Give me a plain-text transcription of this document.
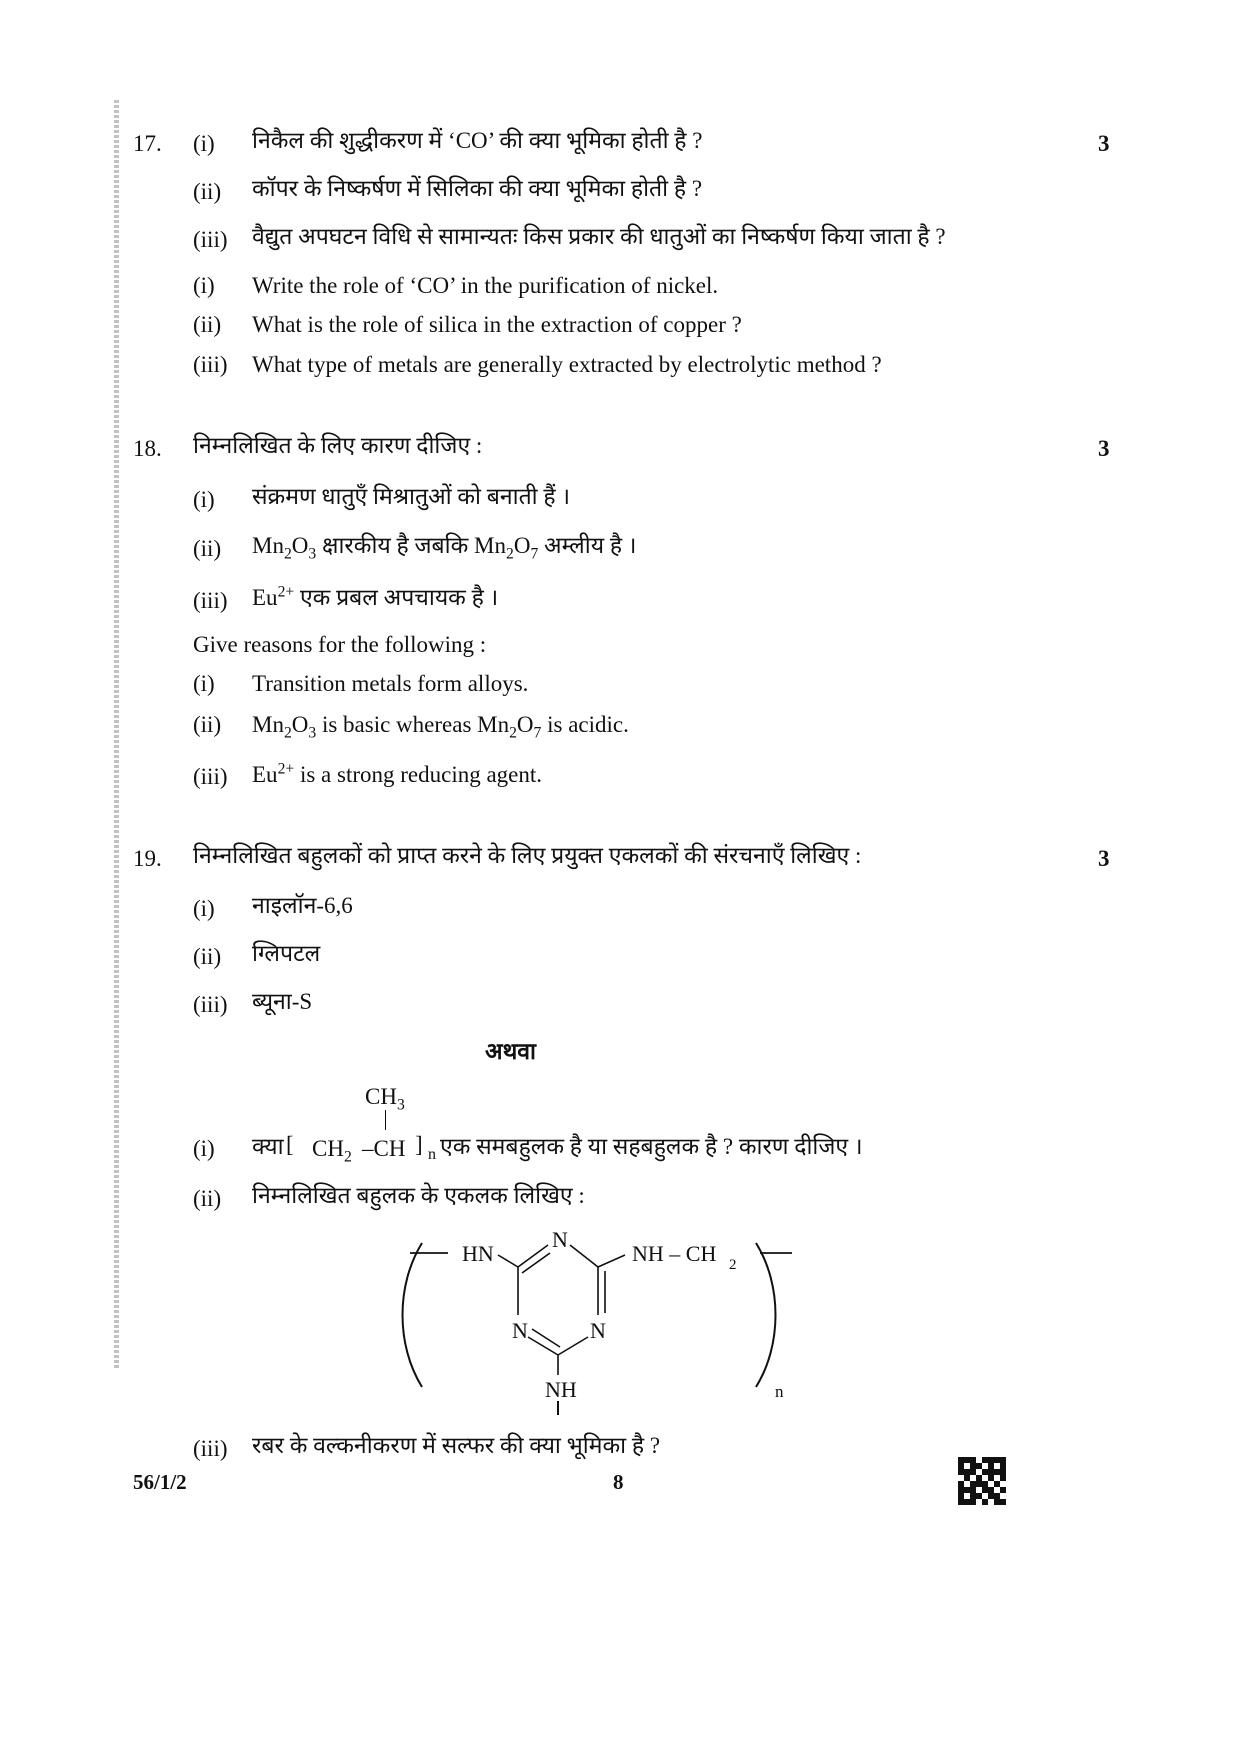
17.	3
(i) निकैल की शुद्धीकरण में ‘CO’ की क्या भूमिका होती है ?
(ii) कॉपर के निष्कर्षण में सिलिका की क्या भूमिका होती है ?
(iii) वैद्युत अपघटन विधि से सामान्यतः किस प्रकार की धातुओं का निष्कर्षण किया जाता है ?
(i) Write the role of ‘CO’ in the purification of nickel.
(ii) What is the role of silica in the extraction of copper ?
(iii) What type of metals are generally extracted by electrolytic method ?
18.	3
निम्नलिखित के लिए कारण दीजिए :
(i) संक्रमण धातुएँ मिश्रातुओं को बनाती हैं ।
(ii) $Mn_2O_3$ क्षारकीय है जबकि $Mn_2O_7$ अम्लीय है ।
(iii) $Eu^{2+}$ एक प्रबल अपचायक है ।
Give reasons for the following :
(i) Transition metals form alloys.
(ii) $Mn_2O_3$ is basic whereas $Mn_2O_7$ is acidic.
(iii) $Eu^{2+}$ is a strong reducing agent.
19.	3
निम्नलिखित बहुलकों को प्राप्त करने के लिए प्रयुक्त एकलकों की संरचनाएँ लिखिए :
(i) नाइलॉन-6,6
(ii) ग्लिपटल
(iii) ब्यूना-S
अथवा
$CH_3$
(i) क्या [ $CH_2$ –CH ] n एक समबहुलक है या सहबहुलक है ? कारण दीजिए ।
(ii) निम्नलिखित बहुलक के एकलक लिखिए :
HN
N
NH – CH 2
N	N
NH	n
(iii) रबर के वल्कनीकरण में सल्फर की क्या भूमिका है ?
56/1/2	8
